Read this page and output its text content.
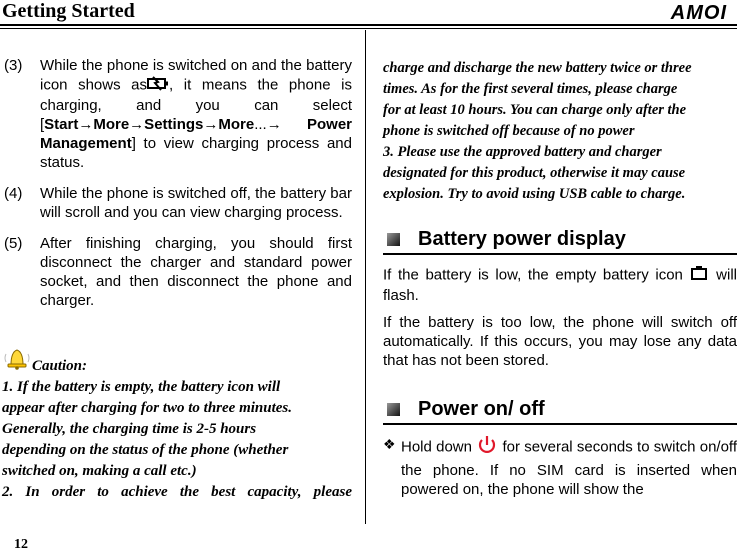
Getting Started	AMOI
(3)	While the phone is switched on and the battery icon shows as , it means the phone is charging, and you can select [Start→More→Settings→More...→ Power Management] to view charging process and status.
(4)	While the phone is switched off, the battery bar will scroll and you can view charging process.
(5)	After finishing charging, you should first disconnect the charger and standard power socket, and then disconnect the phone and charger.
Caution:

1. If the battery is empty, the battery icon will

appear after charging for two to three minutes.

Generally, the charging time is 2-5 hours

depending on the status of the phone (whether

switched on, making a call etc.)

2. In order to achieve the best capacity, please

charge and discharge the new battery twice or three

times. As for the first several times, please charge

for at least 10 hours. You can charge only after the

phone is switched off because of no power

3. Please use the approved battery and charger

designated for this product, otherwise it may cause

explosion. Try to avoid using USB cable to charge.

Battery power display

If the battery is low, the empty battery icon will flash.

If the battery is too low, the phone will switch off automatically. If this occurs, you may lose any data that has not been stored.

Power on/ off
❖ Hold down for several seconds to switch on/off the phone. If no SIM card is inserted when powered on, the phone will show the
12
